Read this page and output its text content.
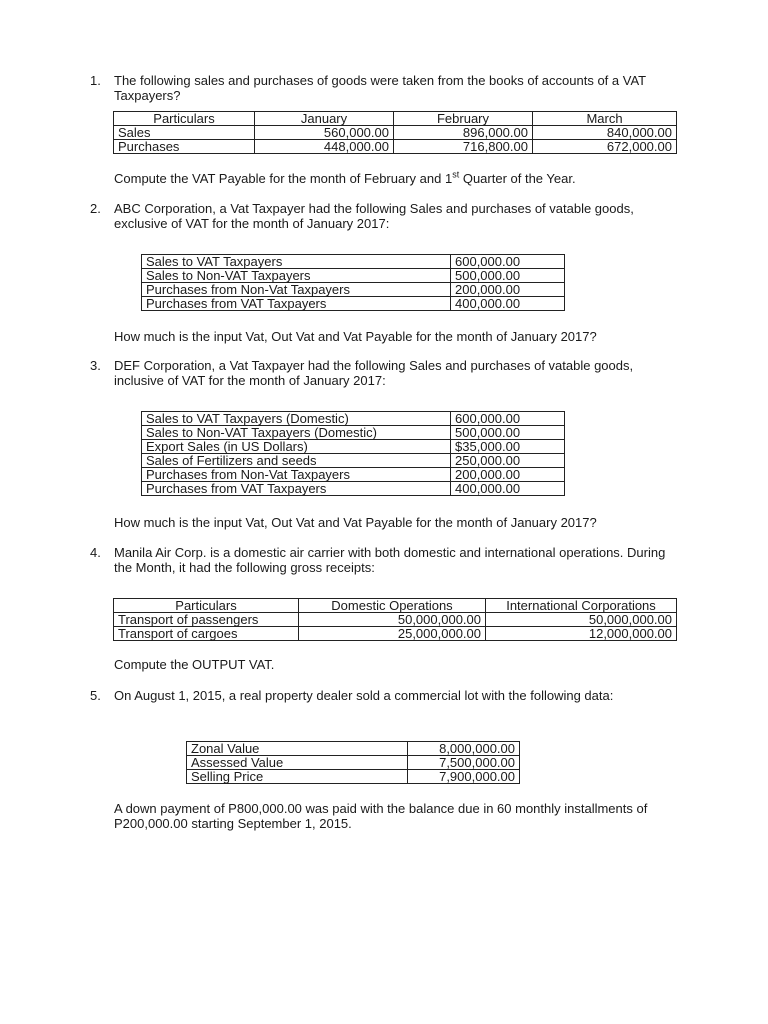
1. The following sales and purchases of goods were taken from the books of accounts of a VAT Taxpayers?
Particulars	January	February	March
Sales	560,000.00	896,000.00	840,000.00
Purchases	448,000.00	716,800.00	672,000.00
Compute the VAT Payable for the month of February and 1st Quarter of the Year.
2. ABC Corporation, a Vat Taxpayer had the following Sales and purchases of vatable goods, exclusive of VAT for the month of January 2017:
Sales to VAT Taxpayers	600,000.00
Sales to Non-VAT Taxpayers	500,000.00
Purchases from Non-Vat Taxpayers	200,000.00
Purchases from VAT Taxpayers	400,000.00
How much is the input Vat, Out Vat and Vat Payable for the month of January 2017?
3. DEF Corporation, a Vat Taxpayer had the following Sales and purchases of vatable goods, inclusive of VAT for the month of January 2017:
Sales to VAT Taxpayers (Domestic)	600,000.00
Sales to Non-VAT Taxpayers (Domestic)	500,000.00
Export Sales (in US Dollars)	$35,000.00
Sales of Fertilizers and seeds	250,000.00
Purchases from Non-Vat Taxpayers	200,000.00
Purchases from VAT Taxpayers	400,000.00
How much is the input Vat, Out Vat and Vat Payable for the month of January 2017?
4. Manila Air Corp. is a domestic air carrier with both domestic and international operations. During the Month, it had the following gross receipts:
Particulars	Domestic Operations	International Corporations
Transport of passengers	50,000,000.00	50,000,000.00
Transport of cargoes	25,000,000.00	12,000,000.00
Compute the OUTPUT VAT.
5. On August 1, 2015, a real property dealer sold a commercial lot with the following data:
Zonal Value	8,000,000.00
Assessed Value	7,500,000.00
Selling Price	7,900,000.00
A down payment of P800,000.00 was paid with the balance due in 60 monthly installments of P200,000.00 starting September 1, 2015.
